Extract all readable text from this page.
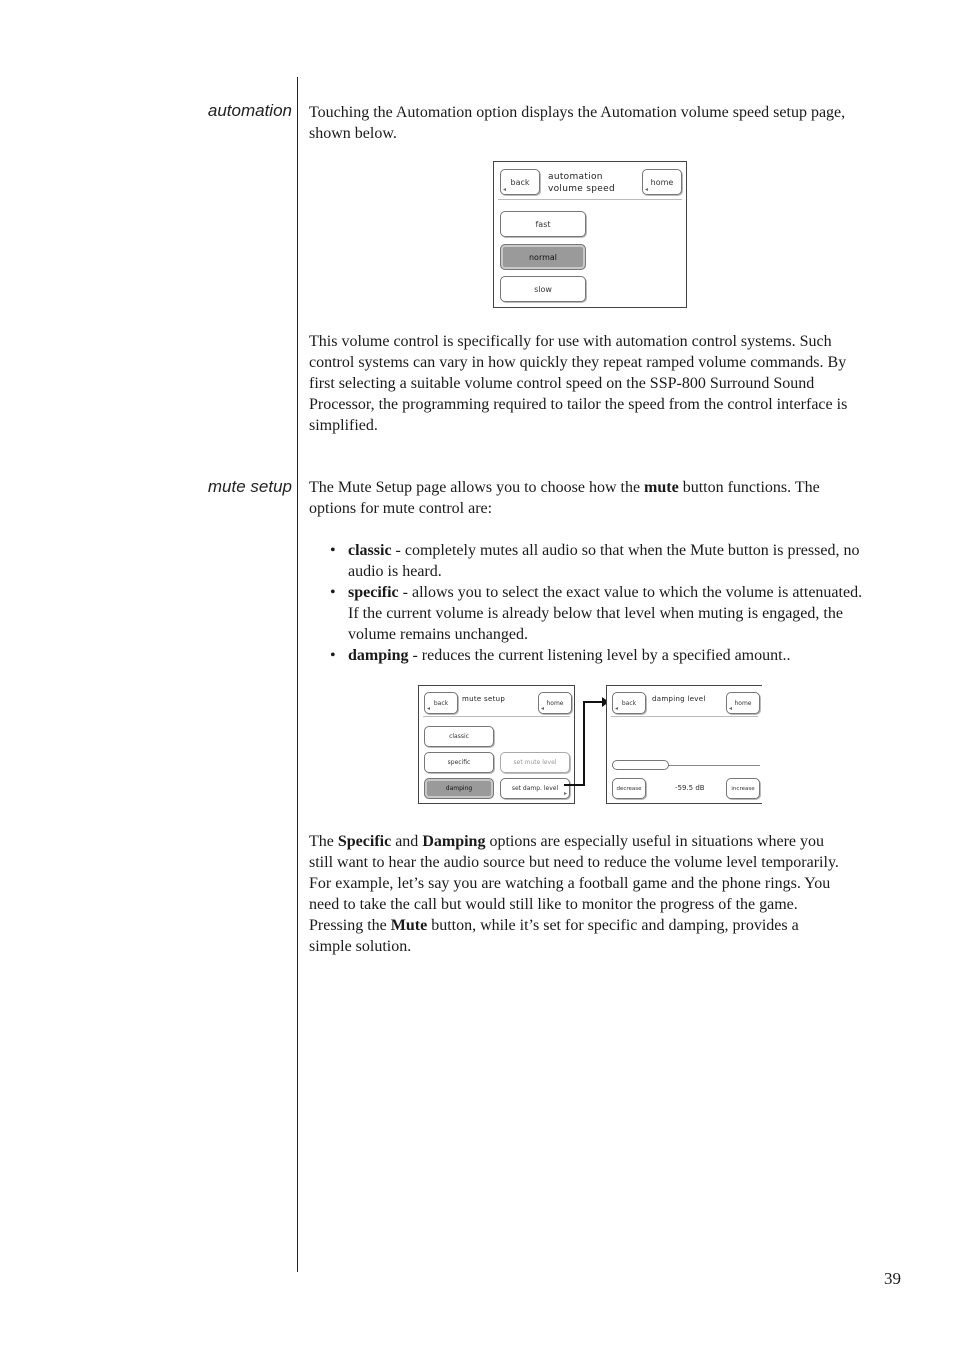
automation Touching the Automation option displays the Automation volume speed setup page, shown below.

back
◂
automation
volume speed
home
◂
fast
normal
slow

This volume control is specifically for use with automation control systems. Such control systems can vary in how quickly they repeat ramped volume commands. By first selecting a suitable volume control speed on the SSP-800 Surround Sound Processor, the programming required to tailor the speed from the control interface is simplified.

mute setup The Mute Setup page allows you to choose how the mute button functions. The options for mute control are:

• classic - completely mutes all audio so that when the Mute button is pressed, no audio is heard.
• specific - allows you to select the exact value to which the volume is attenuated. If the current volume is already below that level when muting is engaged, the volume remains unchanged.
• damping - reduces the current listening level by a specified amount..
back
◂
mute setup	home
◂
classic
specific	set mute level
damping	set damp. level
▸
back
◂
damping level	home
◂
decrease	-59.5 dB	increase

The Specific and Damping options are especially useful in situations where you still want to hear the audio source but need to reduce the volume level temporarily. For example, let’s say you are watching a football game and the phone rings. You need to take the call but would still like to monitor the progress of the game. Pressing the Mute button, while it’s set for specific and damping, provides a simple solution.

39
